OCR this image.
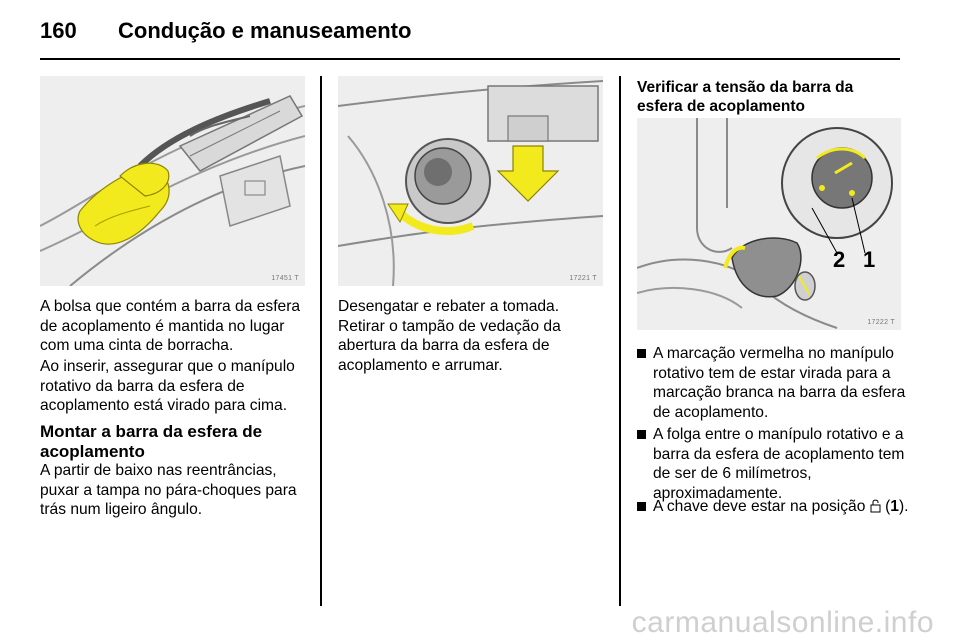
160 Condução e manuseamento
17451 T
A bolsa que contém a barra da esfera de acoplamento é mantida no lugar com uma cinta de borracha.
Ao inserir, assegurar que o manípulo rotativo da barra da esfera de acoplamento está virado para cima.
Montar a barra da esfera de acoplamento
A partir de baixo nas reentrâncias, puxar a tampa no pára-choques para trás num ligeiro ângulo.
17221 T
Desengatar e rebater a tomada. Retirar o tampão de vedação da abertura da barra da esfera de acoplamento e arrumar.
Verificar a tensão da barra da esfera de acoplamento
2 1
17222 T
A marcação vermelha no manípulo rotativo tem de estar virada para a marcação branca na barra da esfera de acoplamento.
A folga entre o manípulo rotativo e a barra da esfera de acoplamento tem de ser de 6 milímetros, aproximadamente.
A chave deve estar na posição  (1).
carmanualsonline.info
